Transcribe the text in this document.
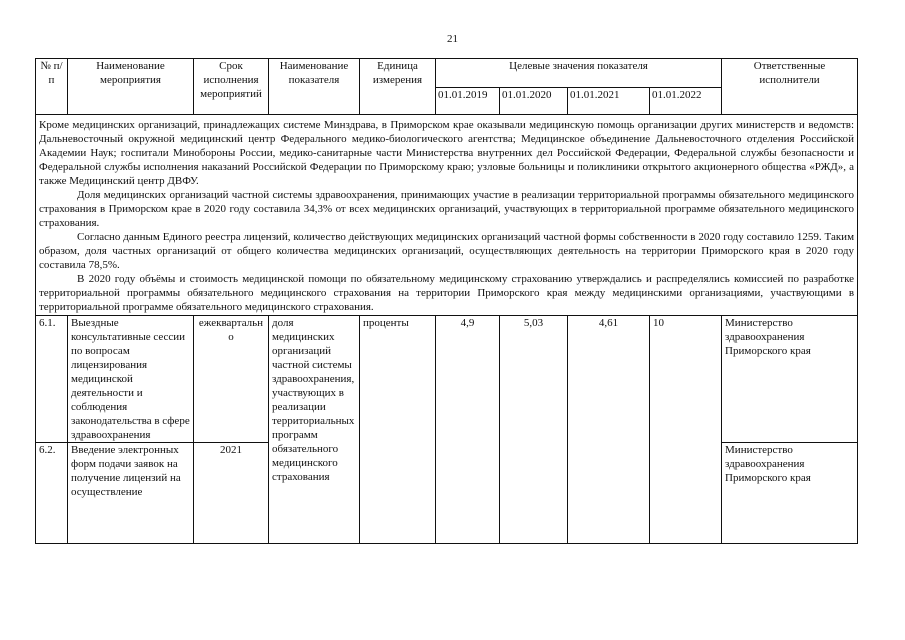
21
№ п/п	Наименование мероприятия	Срок исполнения мероприятий	Наименование показателя	Единица измерения	Целевые значения показателя				Ответственные исполнители
					01.01.2019	01.01.2020	01.01.2021	01.01.2022	

Кроме медицинских организаций, принадлежащих системе Минздрава, в Приморском крае оказывали медицинскую помощь организации других министерств и ведомств: Дальневосточный окружной медицинский центр Федерального медико-биологического агентства; Медицинское объединение Дальневосточного отделения Российской Академии Наук; госпитали Минобороны России, медико-санитарные части Министерства внутренних дел Российской Федерации, Федеральной службы безопасности и Федеральной службы исполнения наказаний Российской Федерации по Приморскому краю; узловые больницы и поликлиники открытого акционерного общества «РЖД», а также Медицинский центр ДВФУ.

Доля медицинских организаций частной системы здравоохранения, принимающих участие в реализации территориальной программы обязательного медицинского страхования в Приморском крае в 2020 году составила 34,3% от всех медицинских организаций, участвующих в территориальной программе обязательного медицинского страхования.

Согласно данным Единого реестра лицензий, количество действующих медицинских организаций частной формы собственности в 2020 году составило 1259. Таким образом, доля частных организаций от общего количества медицинских организаций, осуществляющих деятельность на территории Приморского края в 2020 году составила 78,5%.

В 2020 году объёмы и стоимость медицинской помощи по обязательному медицинскому страхованию утверждались и распределялись комиссией по разработке территориальной программы обязательного медицинского страхования на территории Приморского края между медицинскими организациями, участвующими в территориальной программе обязательного медицинского страхования.									

6.1.	Выездные консультативные сессии по вопросам лицензирования медицинской деятельности и соблюдения законодательства в сфере здравоохранения	ежеквартально	доля медицинских организаций частной системы здравоохранения, участвующих в реализации территориальных программ обязательного медицинского страхования	проценты	4,9	5,03	4,61	10	Министерство здравоохранения Приморского края
6.2.	Введение электронных форм подачи заявок на получение лицензий на осуществление	2021							Министерство здравоохранения Приморского края
